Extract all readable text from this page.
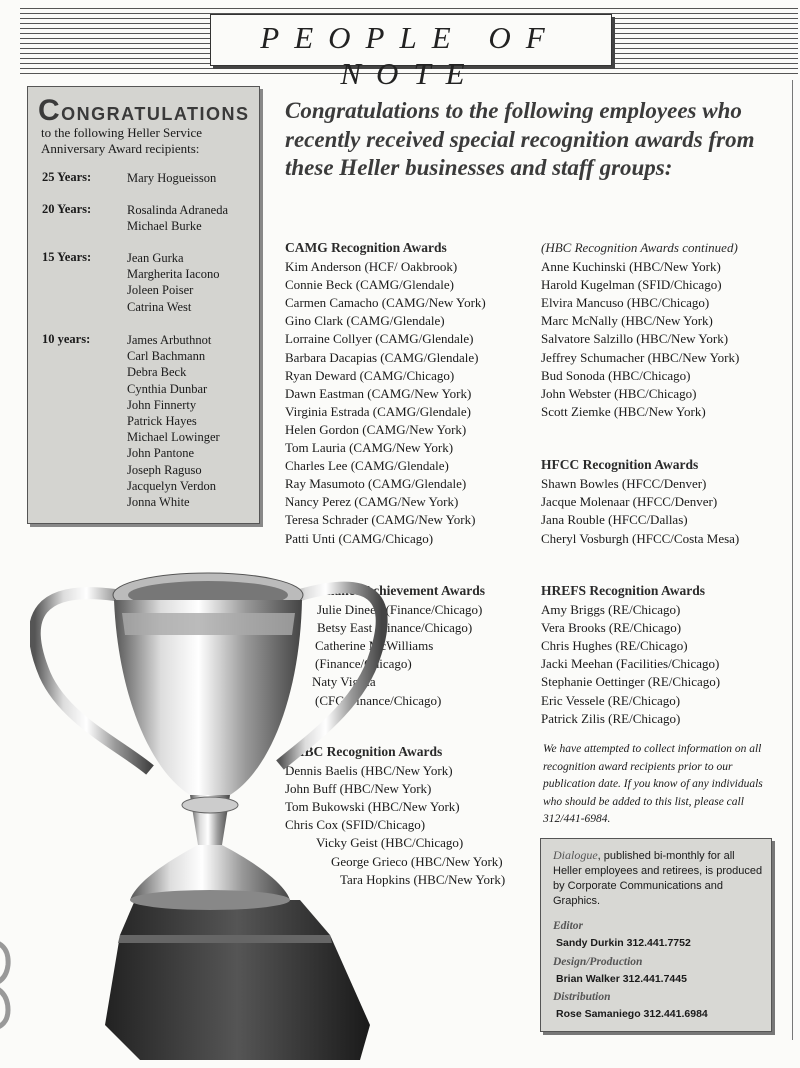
PEOPLE OF NOTE
CONGRATULATIONS
to the following Heller Service Anniversary Award recipients:
25 Years:	Mary Hogueisson
20 Years:	Rosalinda Adraneda
Michael Burke
15 Years:	Jean Gurka
Margherita Iacono
Joleen Poiser
Catrina West
10 years:	James Arbuthnot
Carl Bachmann
Debra Beck
Cynthia Dunbar
John Finnerty
Patrick Hayes
Michael Lowinger
John Pantone
Joseph Raguso
Jacquelyn Verdon
Jonna White
Congratulations to the following employees who recently received special recognition awards from these Heller businesses and staff groups:
CAMG Recognition Awards
Kim Anderson (HCF/ Oakbrook)
Connie Beck (CAMG/Glendale)
Carmen Camacho (CAMG/New York)
Gino Clark (CAMG/Glendale)
Lorraine Collyer (CAMG/Glendale)
Barbara Dacapias (CAMG/Glendale)
Ryan Deward (CAMG/Chicago)
Dawn Eastman (CAMG/New York)
Virginia Estrada (CAMG/Glendale)
Helen Gordon (CAMG/New York)
Tom Lauria (CAMG/New York)
Charles Lee (CAMG/Glendale)
Ray Masumoto (CAMG/Glendale)
Nancy Perez (CAMG/New York)
Teresa Schrader (CAMG/New York)
Patti Unti (CAMG/Chicago)
(HBC Recognition Awards continued)
Anne Kuchinski (HBC/New York)
Harold Kugelman (SFID/Chicago)
Elvira Mancuso (HBC/Chicago)
Marc McNally (HBC/New York)
Salvatore Salzillo (HBC/New York)
Jeffrey Schumacher (HBC/New York)
Bud Sonoda (HBC/Chicago)
John Webster (HBC/Chicago)
Scott Ziemke (HBC/New York)
HFCC Recognition Awards
Shawn Bowles (HFCC/Denver)
Jacque Molenaar (HFCC/Denver)
Jana Rouble (HFCC/Dallas)
Cheryl Vosburgh (HFCC/Costa Mesa)
Finance Achievement Awards
Julie Dineen (Finance/Chicago)
Betsy East (Finance/Chicago)
Catherine McWilliams
(Finance/Chicago)
Naty Vigilia
(CFG-Finance/Chicago)
HREFS Recognition Awards
Amy Briggs (RE/Chicago)
Vera Brooks (RE/Chicago)
Chris Hughes (RE/Chicago)
Jacki Meehan (Facilities/Chicago)
Stephanie Oettinger (RE/Chicago)
Eric Vessele (RE/Chicago)
Patrick Zilis (RE/Chicago)
HBC Recognition Awards
Dennis Baelis (HBC/New York)
John Buff (HBC/New York)
Tom Bukowski (HBC/New York)
Chris Cox (SFID/Chicago)
Vicky Geist (HBC/Chicago)
George Grieco (HBC/New York)
Tara Hopkins (HBC/New York)
We have attempted to collect information on all recognition award recipients prior to our publication date. If you know of any individuals who should be added to this list, please call 312/441-6984.
Dialogue, published bi-monthly for all Heller employees and retirees, is produced by Corporate Communications and Graphics.
Editor
Sandy Durkin 312.441.7752
Design/Production
Brian Walker 312.441.7445
Distribution
Rose Samaniego 312.441.6984
